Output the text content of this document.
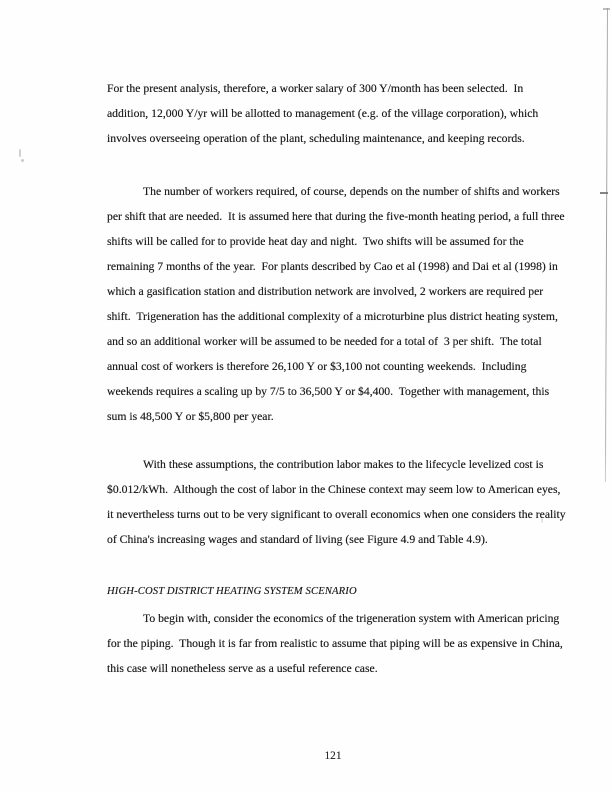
For the present analysis, therefore, a worker salary of 300 Y/month has been selected.  In
addition, 12,000 Y/yr will be allotted to management (e.g. of the village corporation), which
involves overseeing operation of the plant, scheduling maintenance, and keeping records.

The number of workers required, of course, depends on the number of shifts and workers
per shift that are needed.  It is assumed here that during the five-month heating period, a full three
shifts will be called for to provide heat day and night.  Two shifts will be assumed for the
remaining 7 months of the year.  For plants described by Cao et al (1998) and Dai et al (1998) in
which a gasification station and distribution network are involved, 2 workers are required per
shift.  Trigeneration has the additional complexity of a microturbine plus district heating system,
and so an additional worker will be assumed to be needed for a total of  3 per shift.  The total
annual cost of workers is therefore 26,100 Y or $3,100 not counting weekends.  Including
weekends requires a scaling up by 7/5 to 36,500 Y or $4,400.  Together with management, this
sum is 48,500 Y or $5,800 per year.

With these assumptions, the contribution labor makes to the lifecycle levelized cost is
$0.012/kWh.  Although the cost of labor in the Chinese context may seem low to American eyes,
it nevertheless turns out to be very significant to overall economics when one considers the reality
of China's increasing wages and standard of living (see Figure 4.9 and Table 4.9).

HIGH-COST DISTRICT HEATING SYSTEM SCENARIO

To begin with, consider the economics of the trigeneration system with American pricing
for the piping.  Though it is far from realistic to assume that piping will be as expensive in China,
this case will nonetheless serve as a useful reference case.

121
